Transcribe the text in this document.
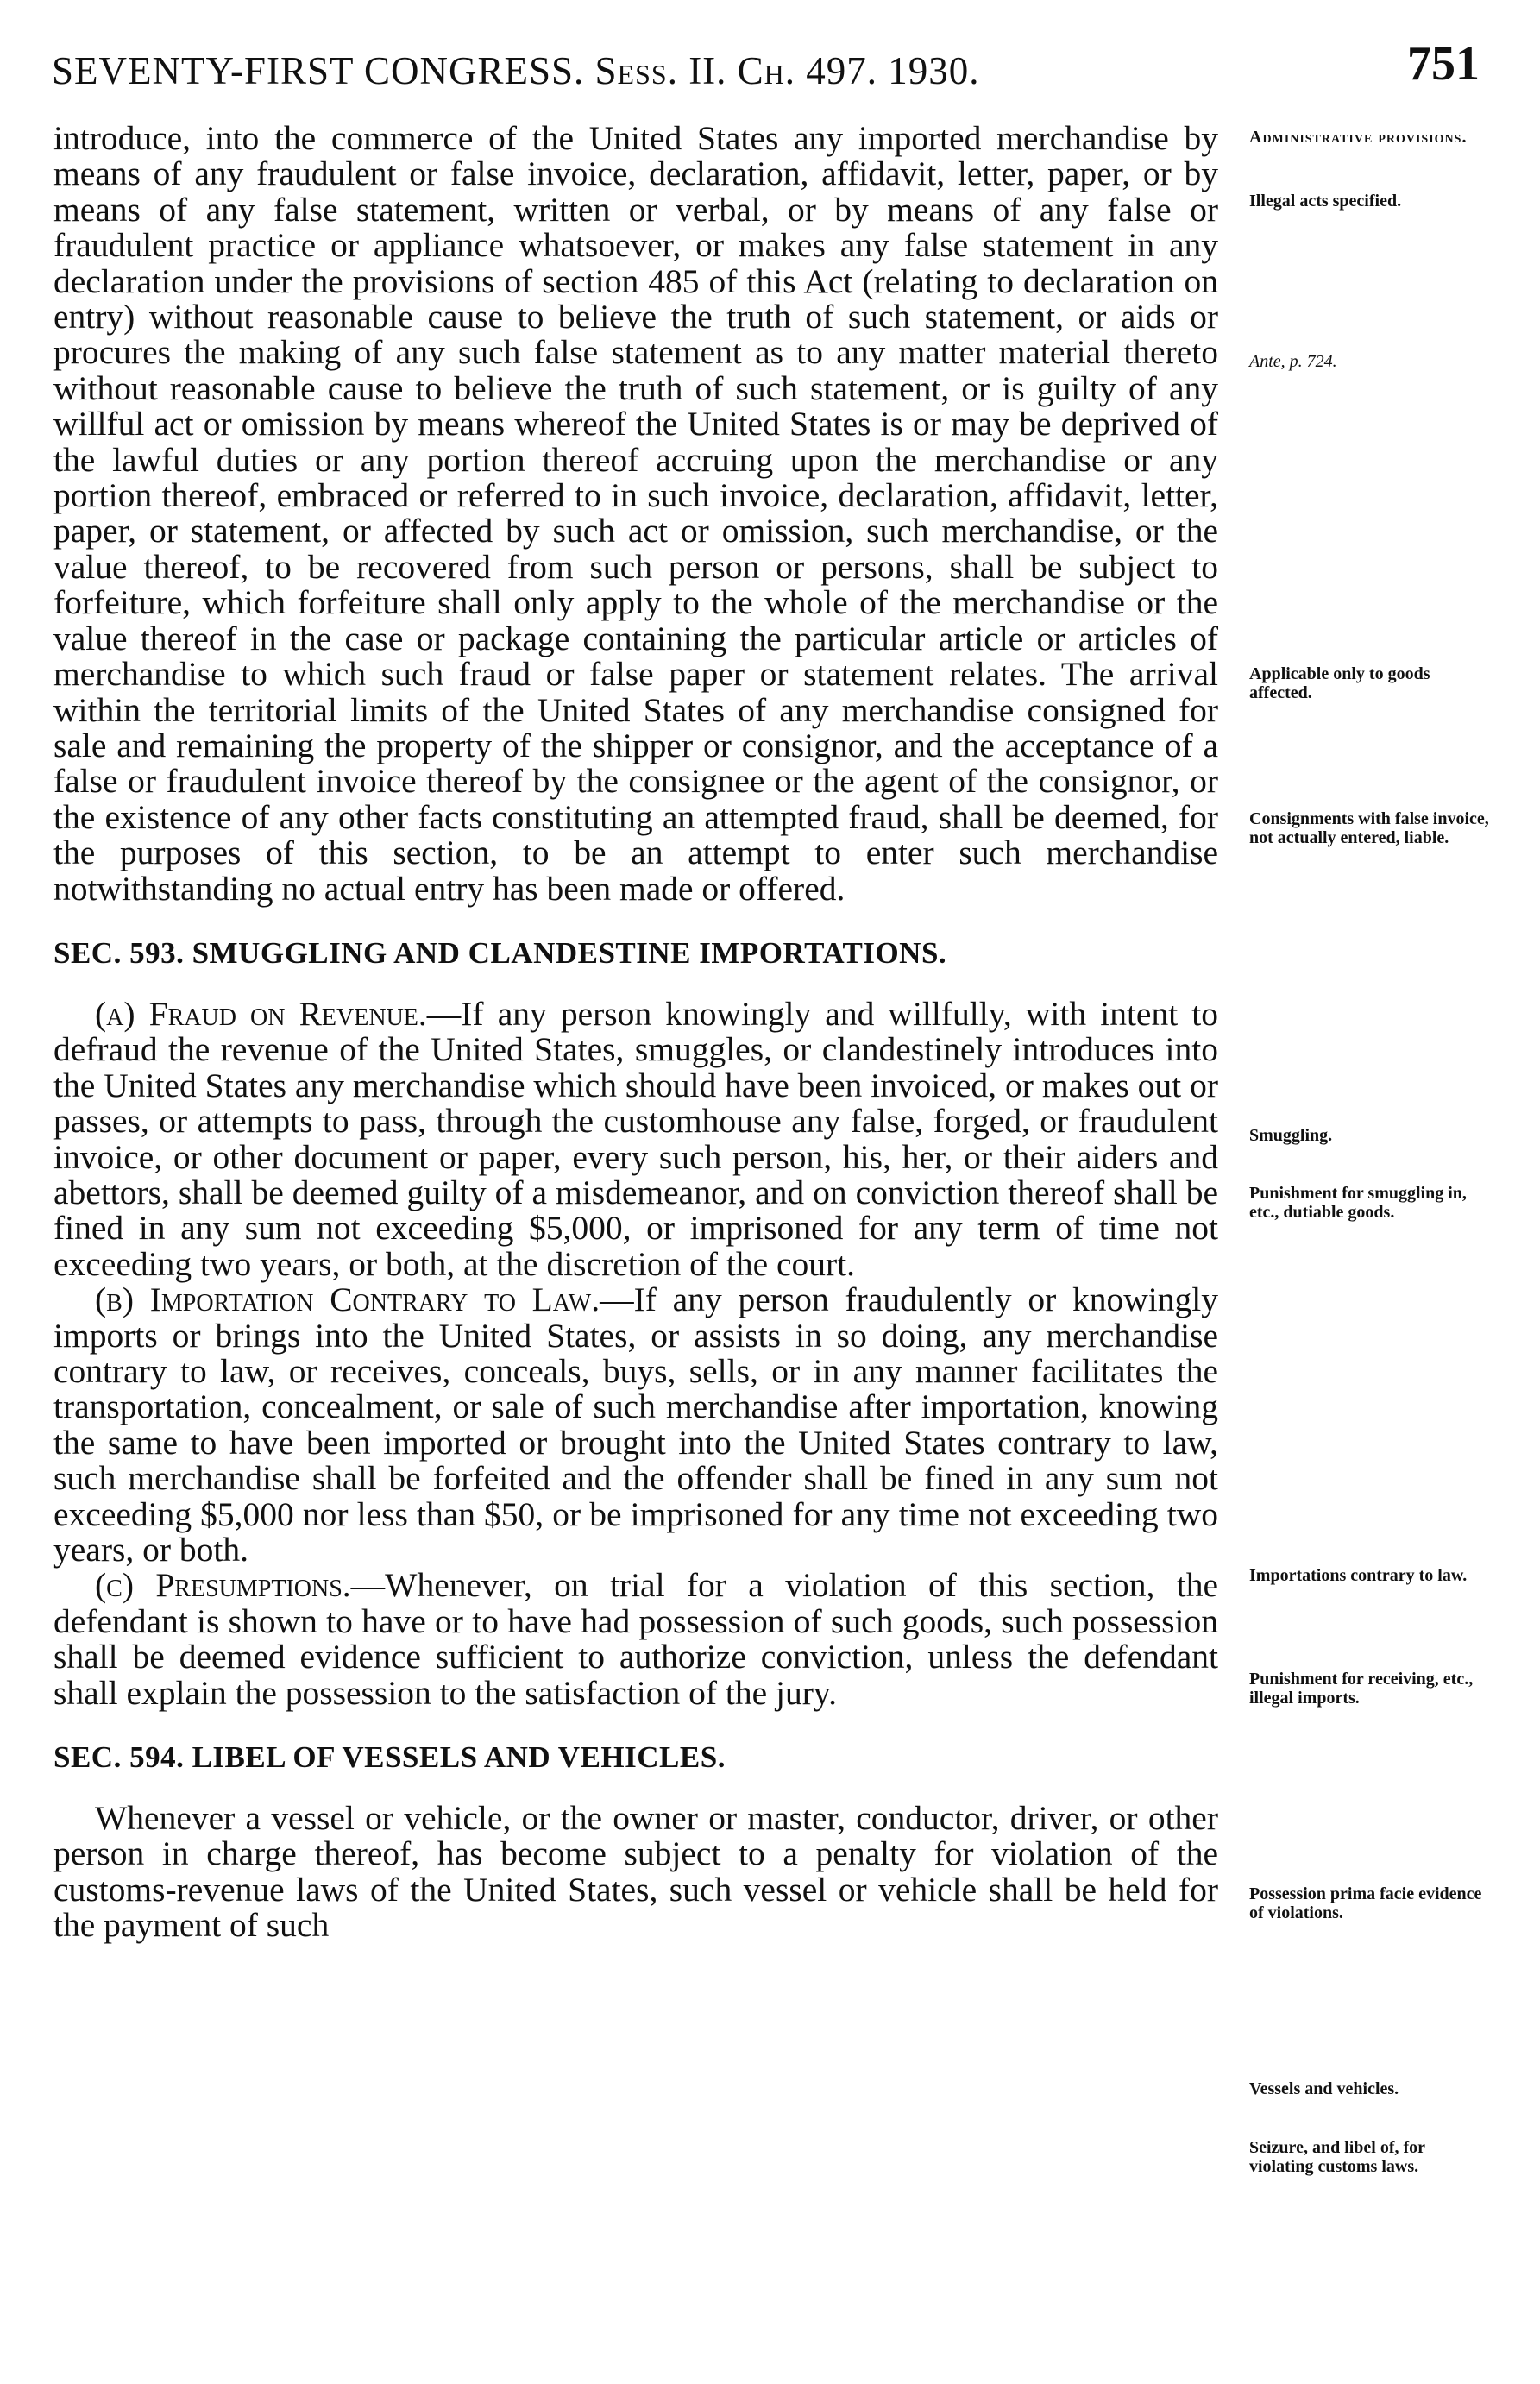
SEVENTY-FIRST CONGRESS. Sess. II. Ch. 497. 1930.	751

introduce, into the commerce of the United States any imported merchandise by means of any fraudulent or false invoice, declaration, affidavit, letter, paper, or by means of any false statement, written or verbal, or by means of any false or fraudulent practice or appliance whatsoever, or makes any false statement in any declaration under the provisions of section 485 of this Act (relating to declaration on entry) without reasonable cause to believe the truth of such statement, or aids or procures the making of any such false statement as to any matter material thereto without reasonable cause to believe the truth of such statement, or is guilty of any willful act or omission by means whereof the United States is or may be deprived of the lawful duties or any portion thereof accruing upon the merchandise or any portion thereof, embraced or referred to in such invoice, declaration, affidavit, letter, paper, or statement, or affected by such act or omission, such merchandise, or the value thereof, to be recovered from such person or persons, shall be subject to forfeiture, which forfeiture shall only apply to the whole of the merchandise or the value thereof in the case or package containing the particular article or articles of merchandise to which such fraud or false paper or statement relates. The arrival within the territorial limits of the United States of any merchandise consigned for sale and remaining the property of the shipper or consignor, and the acceptance of a false or fraudulent invoice thereof by the consignee or the agent of the consignor, or the existence of any other facts constituting an attempted fraud, shall be deemed, for the purposes of this section, to be an attempt to enter such merchandise notwithstanding no actual entry has been made or offered.

SEC. 593. SMUGGLING AND CLANDESTINE IMPORTATIONS.

(a) Fraud on Revenue.—If any person knowingly and willfully, with intent to defraud the revenue of the United States, smuggles, or clandestinely introduces into the United States any merchandise which should have been invoiced, or makes out or passes, or attempts to pass, through the customhouse any false, forged, or fraudulent invoice, or other document or paper, every such person, his, her, or their aiders and abettors, shall be deemed guilty of a misdemeanor, and on conviction thereof shall be fined in any sum not exceeding $5,000, or imprisoned for any term of time not exceeding two years, or both, at the discretion of the court.

(b) Importation Contrary to Law.—If any person fraudulently or knowingly imports or brings into the United States, or assists in so doing, any merchandise contrary to law, or receives, conceals, buys, sells, or in any manner facilitates the transportation, concealment, or sale of such merchandise after importation, knowing the same to have been imported or brought into the United States contrary to law, such merchandise shall be forfeited and the offender shall be fined in any sum not exceeding $5,000 nor less than $50, or be imprisoned for any time not exceeding two years, or both.

(c) Presumptions.—Whenever, on trial for a violation of this section, the defendant is shown to have or to have had possession of such goods, such possession shall be deemed evidence sufficient to authorize conviction, unless the defendant shall explain the possession to the satisfaction of the jury.

SEC. 594. LIBEL OF VESSELS AND VEHICLES.

Whenever a vessel or vehicle, or the owner or master, conductor, driver, or other person in charge thereof, has become subject to a penalty for violation of the customs-revenue laws of the United States, such vessel or vehicle shall be held for the payment of such

Administrative provisions.
Illegal acts specified.
Ante, p. 724.
Applicable only to goods affected.
Consignments with false invoice, not actually entered, liable.
Smuggling.
Punishment for smuggling in, etc., dutiable goods.
Importations contrary to law.
Punishment for receiving, etc., illegal imports.
Possession prima facie evidence of violations.
Vessels and vehicles.
Seizure, and libel of, for violating customs laws.
